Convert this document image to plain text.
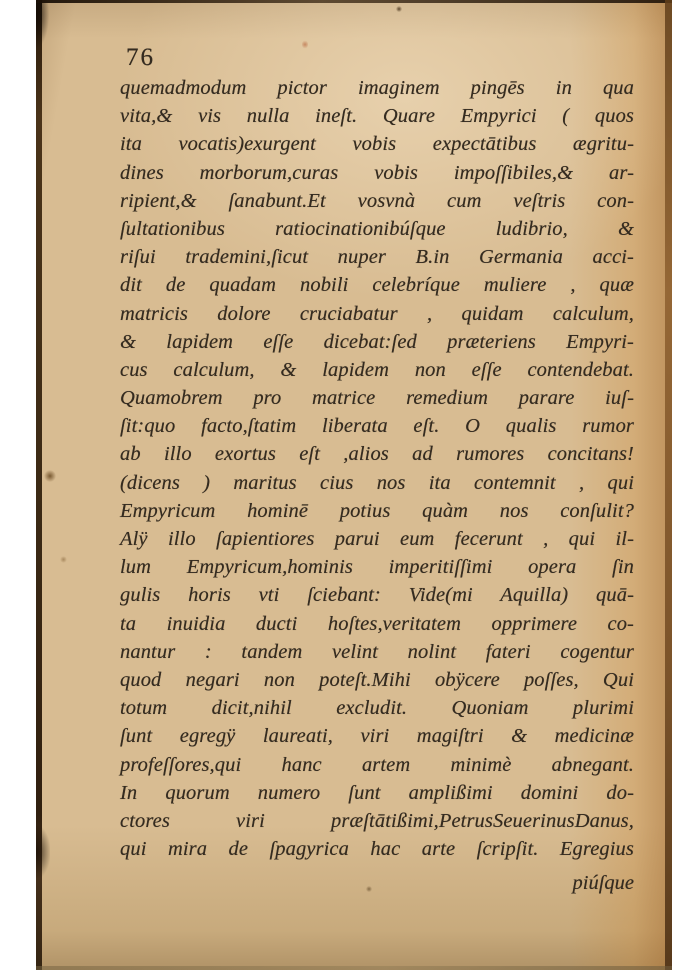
76
quemadmodum pictor imaginem pingēs in qua
vita,& vis nulla ineſt. Quare Empyrici ( quos
ita vocatis)exurgent vobis expectātibus ægritu-
dines morborum,curas vobis impoſſibiles,& ar-
ripient,& ſanabunt.Et vosvnà cum veſtris con-
ſultationibus ratiocinationibúſque ludibrio, &
riſui trademini,ſicut nuper B.in Germania acci-
dit de quadam nobili celebríque muliere , quæ
matricis dolore cruciabatur , quidam calculum,
& lapidem eſſe dicebat:ſed præteriens Empyri-
cus calculum, & lapidem non eſſe contendebat.
Quamobrem pro matrice remedium parare iuſ-
ſit:quo facto,ſtatim liberata eſt. O qualis rumor
ab illo exortus eſt ,alios ad rumores concitans!
(dicens ) maritus cius nos ita contemnit , qui
Empyricum hominē potius quàm nos conſulit?
Alÿ illo ſapientiores parui eum fecerunt , qui il-
lum Empyricum,hominis imperitiſſimi opera ſin
gulis horis vti ſciebant: Vide(mi Aquilla) quā-
ta inuidia ducti hoſtes,veritatem opprimere co-
nantur : tandem velint nolint fateri cogentur
quod negari non poteſt.Mihi obÿcere poſſes, Qui
totum dicit,nihil excludit. Quoniam plurimi
ſunt egregÿ laureati, viri magiſtri & medicinæ
profeſſores,qui hanc artem minimè abnegant.
In quorum numero ſunt amplißimi domini do-
ctores viri præſtātißimi,PetrusSeuerinusDanus,
qui mira de ſpagyrica hac arte ſcripſit. Egregius
piúſque
